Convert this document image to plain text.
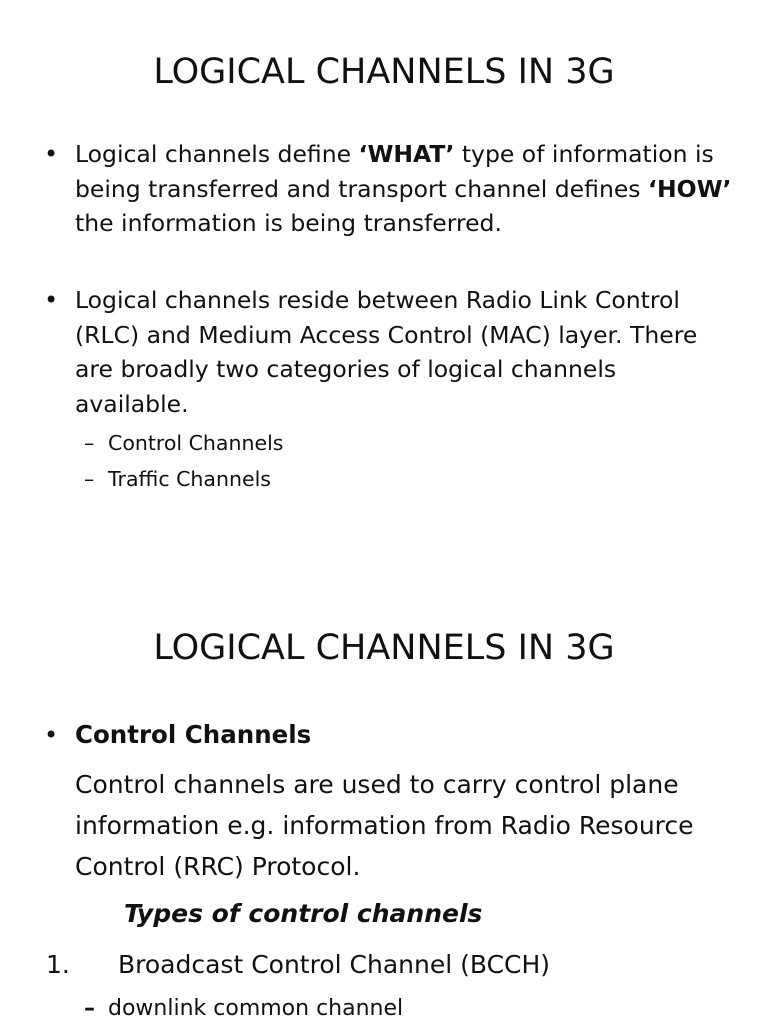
LOGICAL CHANNELS IN 3G
• Logical channels define ‘WHAT’ type of information is being transferred and transport channel defines ‘HOW’ the information is being transferred.
• Logical channels reside between Radio Link Control (RLC) and Medium Access Control (MAC) layer. There are broadly two categories of logical channels available.
– Control Channels
– Traffic Channels
LOGICAL CHANNELS IN 3G
• Control Channels
Control channels are used to carry control plane information e.g. information from Radio Resource Control (RRC) Protocol.
Types of control channels
1. Broadcast Control Channel (BCCH)
– downlink common channel
